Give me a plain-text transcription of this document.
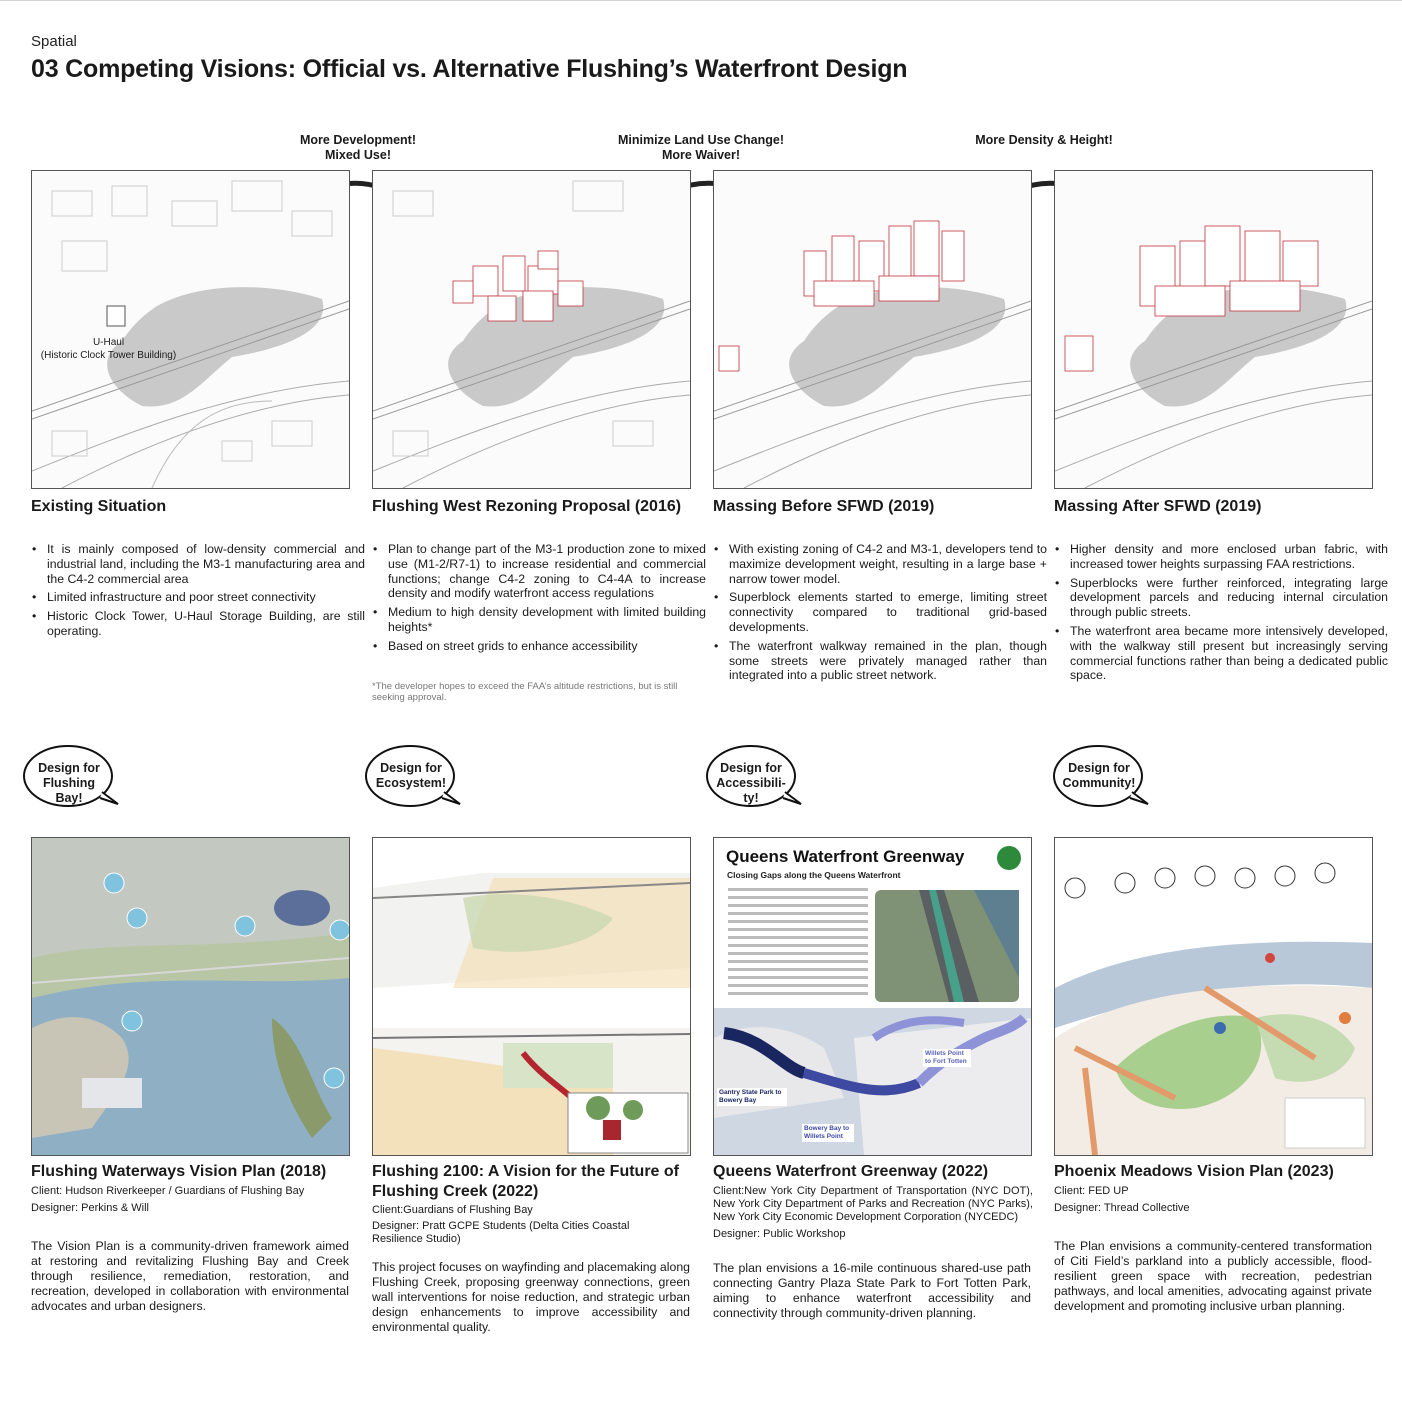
Spatial
03 Competing Visions: Official vs. Alternative Flushing’s Waterfront Design
More Development!
Mixed Use!
Minimize Land Use Change!
More Waiver!
More Density & Height!
U-Haul
(Historic Clock Tower Building)
Existing Situation	Flushing West Rezoning Proposal (2016)	Massing Before SFWD (2019)	Massing After SFWD (2019)
• It is mainly composed of low-density commercial and industrial land, including the M3-1 manufacturing area and the C4-2 commercial area
• Limited infrastructure and poor street connectivity
• Historic Clock Tower, U-Haul Storage Building, are still operating.
• Plan to change part of the M3-1 production zone to mixed use (M1-2/R7-1) to increase residential and commercial functions; change C4-2 zoning to C4-4A to increase density and modify waterfront access regulations
• Medium to high density development with limited building heights*
• Based on street grids to enhance accessibility
*The developer hopes to exceed the FAA’s altitude restrictions, but is still seeking approval.
• With existing zoning of C4-2 and M3-1, developers tend to maximize development weight, resulting in a large base + narrow tower model.
• Superblock elements started to emerge, limiting street connectivity compared to traditional grid-based developments.
• The waterfront walkway remained in the plan, though some streets were privately managed rather than integrated into a public street network.
• Higher density and more enclosed urban fabric, with increased tower heights surpassing FAA restrictions.
• Superblocks were further reinforced, integrating large development parcels and reducing internal circulation through public streets.
• The waterfront area became more intensively developed, with the walkway still present but increasingly serving commercial functions rather than being a dedicated public space.
Design for Flushing Bay!
Design for Ecosystem!
Design for Accessibili-ty!
Design for Community!
Queens Waterfront Greenway
Closing Gaps along the Queens Waterfront
Gantry State Park to Bowery Bay
Bowery Bay to Willets Point
Willets Point to Fort Totten
Flushing Waterways Vision Plan (2018)
Client: Hudson Riverkeeper / Guardians of Flushing Bay
Designer: Perkins & Will
The Vision Plan is a community-driven framework aimed at restoring and revitalizing Flushing Bay and Creek through resilience, remediation, restoration, and recreation, developed in collaboration with environmental advocates and urban designers.
Flushing 2100: A Vision for the Future of Flushing Creek (2022)
Client:Guardians of Flushing Bay
Designer: Pratt GCPE Students (Delta Cities Coastal Resilience Studio)
This project focuses on wayfinding and placemaking along Flushing Creek, proposing greenway connections, green wall interventions for noise reduction, and strategic urban design enhancements to improve accessibility and environmental quality.
Queens Waterfront Greenway (2022)
Client:New York City Department of Transportation (NYC DOT), New York City Department of Parks and Recreation (NYC Parks), New York City Economic Development Corporation (NYCEDC)
Designer: Public Workshop
The plan envisions a 16-mile continuous shared-use path connecting Gantry Plaza State Park to Fort Totten Park, aiming to enhance waterfront accessibility and connectivity through community-driven planning.
Phoenix Meadows Vision Plan (2023)
Client: FED UP
Designer: Thread Collective
The Plan envisions a community-centered transformation of Citi Field’s parkland into a publicly accessible, flood-resilient green space with recreation, pedestrian pathways, and local amenities, advocating against private development and promoting inclusive urban planning.
